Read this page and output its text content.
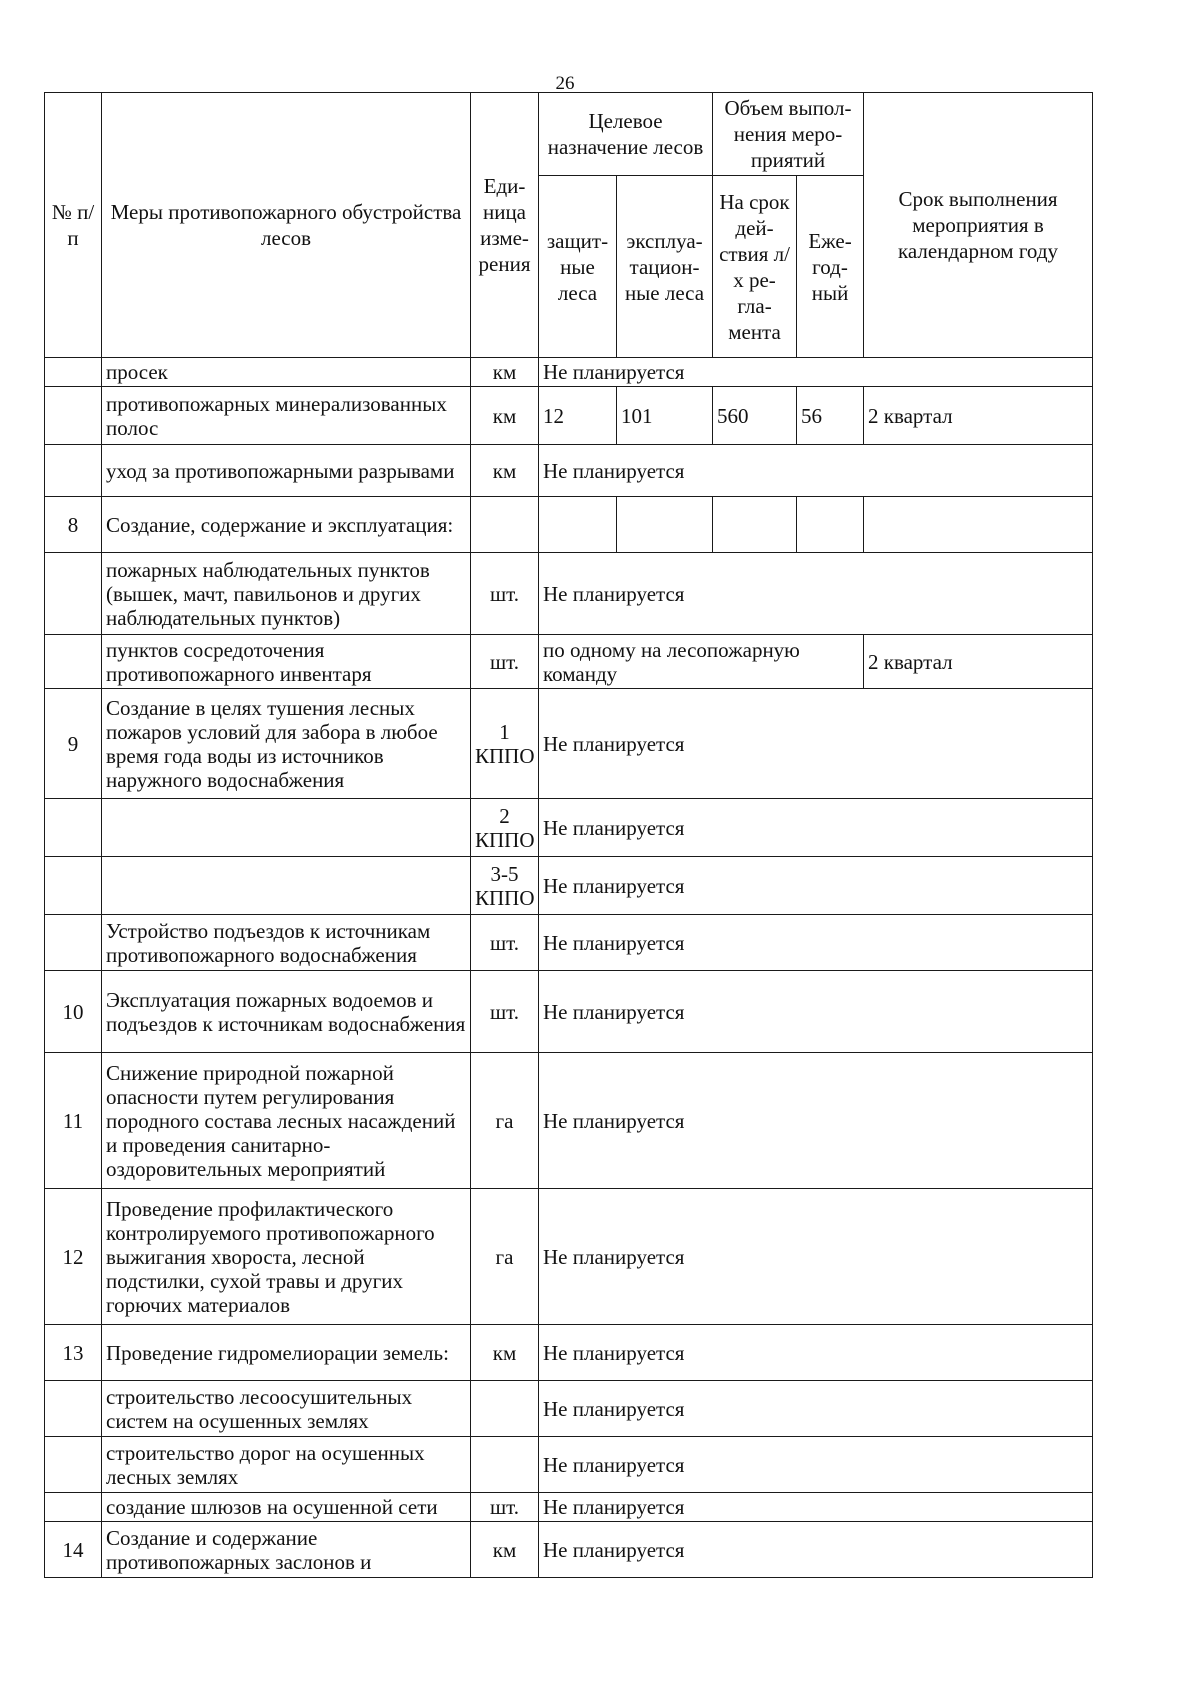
26
№ п/п	Меры противопожарного обустройства лесов	Еди-ница изме-рения	Целевое назначение лесов		Объем выпол-нения меро-приятий		Срок выполнения мероприятия в календарном году
			защит-ные леса	эксплуа-тацион-ные леса	На срок дей-ствия л/х ре-гла-мента	Еже-год-ный	
	просек	км	Не планируется				
	противопожарных минерализованных полос	км	12	101	560	56	2 квартал
	уход за противопожарными разрывами	км	Не планируется				
8	Создание, содержание и эксплуатация:						
	пожарных наблюдательных пунктов (вышек, мачт, павильонов и других наблюдательных пунктов)	шт.	Не планируется				
	пунктов сосредоточения противопожарного инвентаря	шт.	по одному на лесопожарную команду				2 квартал
9	Создание в целях тушения лесных пожаров условий для забора в любое время года воды из источников наружного водоснабжения	1 КППО	Не планируется				
		2 КППО	Не планируется				
		3-5 КППО	Не планируется				
	Устройство подъездов к источникам противопожарного водоснабжения	шт.	Не планируется				
10	Эксплуатация пожарных водоемов и подъездов к источникам водоснабжения	шт.	Не планируется				
11	Снижение природной пожарной опасности путем регулирования породного состава лесных насаждений и проведения санитарно-оздоровительных мероприятий	га	Не планируется				
12	Проведение профилактического контролируемого противопожарного выжигания хвороста, лесной подстилки, сухой травы и других горючих материалов	га	Не планируется				
13	Проведение гидромелиорации земель:	км	Не планируется				
	строительство лесоосушительных систем на осушенных землях		Не планируется				
	строительство дорог на осушенных лесных землях		Не планируется				
	создание шлюзов на осушенной сети	шт.	Не планируется				
14	Создание и содержание противопожарных заслонов и	км	Не планируется				
